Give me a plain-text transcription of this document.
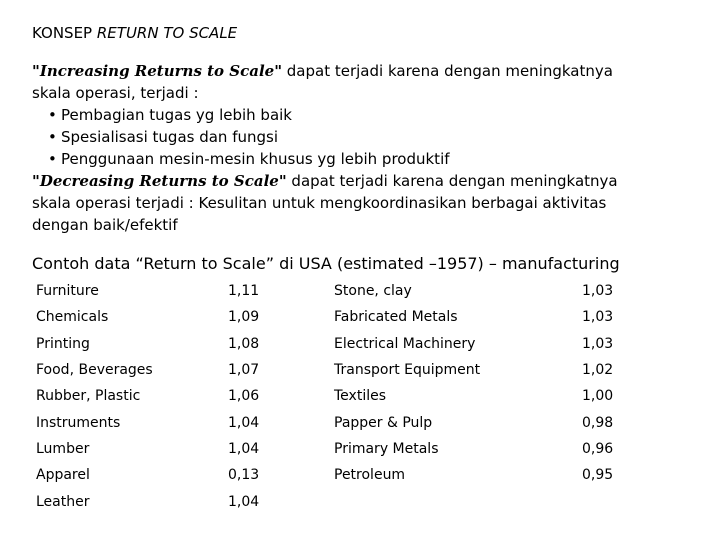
KONSEP RETURN TO SCALE
"Increasing Returns to Scale" dapat terjadi karena dengan meningkatnya
skala operasi, terjadi :
• Pembagian tugas yg lebih baik
• Spesialisasi tugas dan fungsi
• Penggunaan mesin-mesin khusus yg lebih produktif
"Decreasing Returns to Scale" dapat terjadi karena dengan meningkatnya
skala operasi terjadi : Kesulitan untuk mengkoordinasikan berbagai aktivitas
dengan baik/efektif
Contoh data “Return to Scale” di USA (estimated –1957) – manufacturing
Furniture	1,11	Stone, clay	1,03
Chemicals	1,09	Fabricated Metals	1,03
Printing	1,08	Electrical Machinery	1,03
Food, Beverages	1,07	Transport Equipment	1,02
Rubber, Plastic	1,06	Textiles	1,00
Instruments	1,04	Papper & Pulp	0,98
Lumber	1,04	Primary Metals	0,96
Apparel	0,13	Petroleum	0,95
Leather	1,04		
